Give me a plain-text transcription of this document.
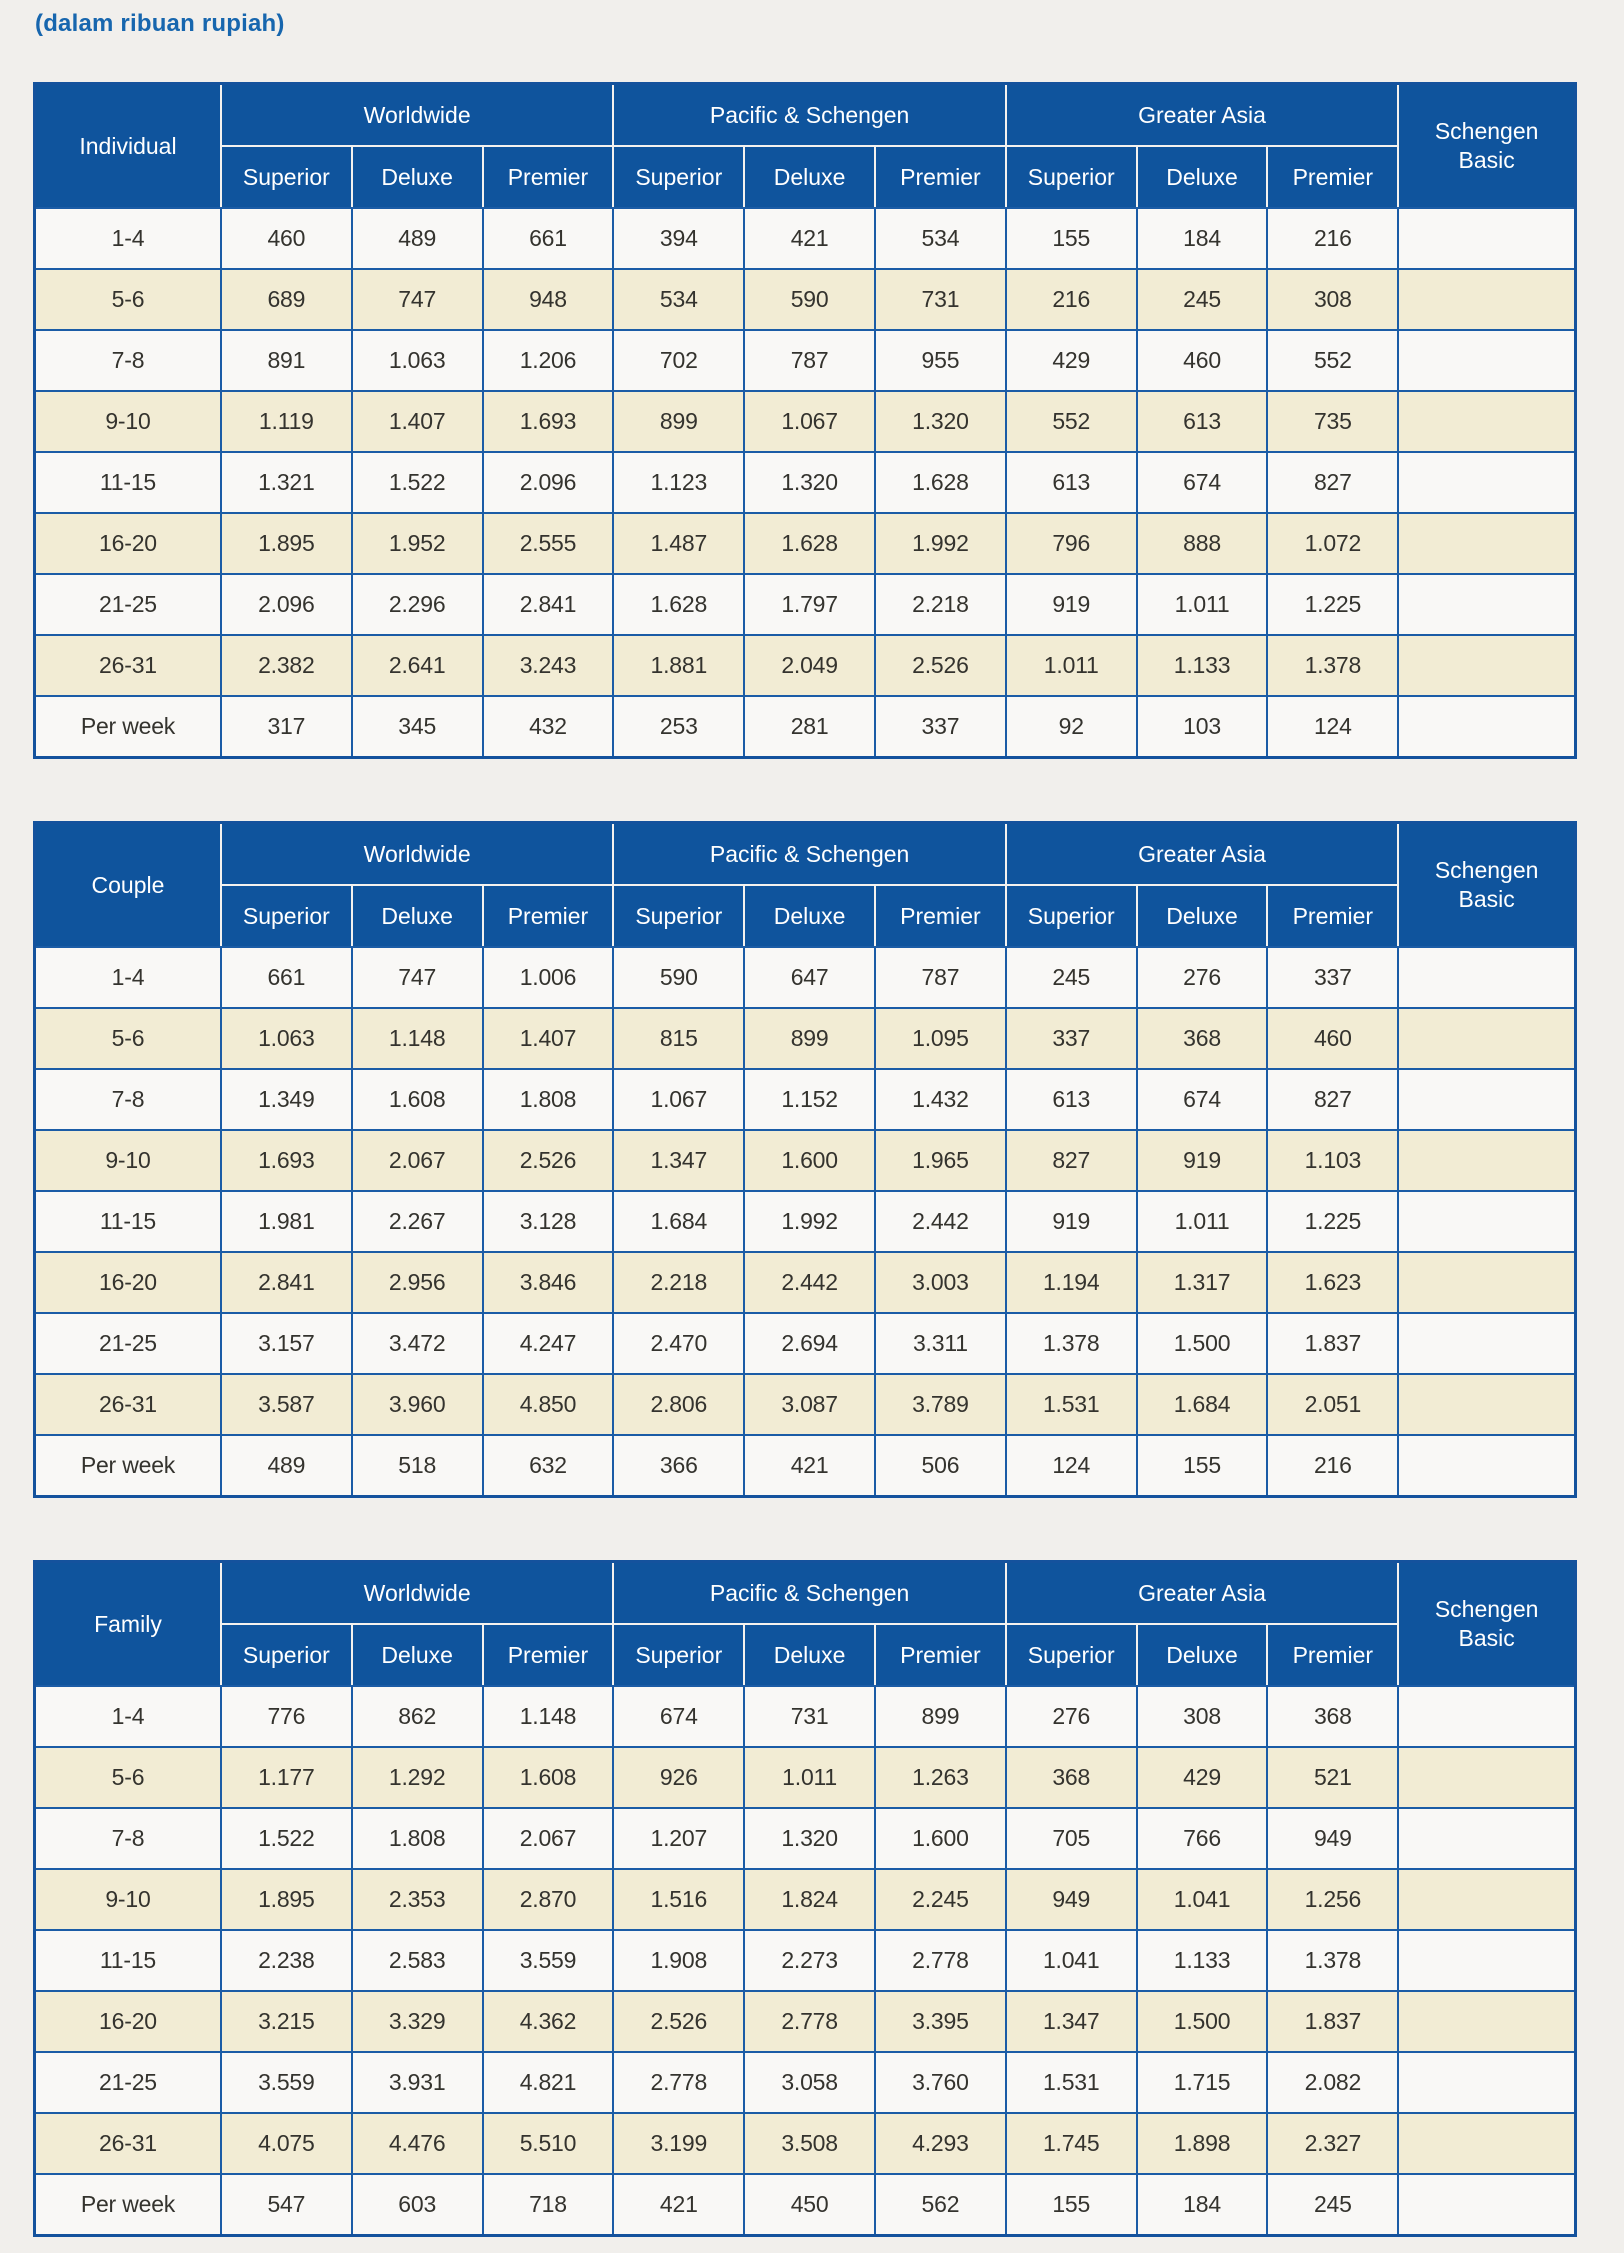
(dalam ribuan rupiah)
Individual	Worldwide			Pacific & Schengen			Greater Asia			Schengen Basic
	Superior	Deluxe	Premier	Superior	Deluxe	Premier	Superior	Deluxe	Premier	
1-4	460	489	661	394	421	534	155	184	216	
5-6	689	747	948	534	590	731	216	245	308	
7-8	891	1.063	1.206	702	787	955	429	460	552	
9-10	1.119	1.407	1.693	899	1.067	1.320	552	613	735	
11-15	1.321	1.522	2.096	1.123	1.320	1.628	613	674	827	
16-20	1.895	1.952	2.555	1.487	1.628	1.992	796	888	1.072	
21-25	2.096	2.296	2.841	1.628	1.797	2.218	919	1.011	1.225	
26-31	2.382	2.641	3.243	1.881	2.049	2.526	1.011	1.133	1.378	
Per week	317	345	432	253	281	337	92	103	124	
Couple	Worldwide			Pacific & Schengen			Greater Asia			Schengen Basic
	Superior	Deluxe	Premier	Superior	Deluxe	Premier	Superior	Deluxe	Premier	
1-4	661	747	1.006	590	647	787	245	276	337	
5-6	1.063	1.148	1.407	815	899	1.095	337	368	460	
7-8	1.349	1.608	1.808	1.067	1.152	1.432	613	674	827	
9-10	1.693	2.067	2.526	1.347	1.600	1.965	827	919	1.103	
11-15	1.981	2.267	3.128	1.684	1.992	2.442	919	1.011	1.225	
16-20	2.841	2.956	3.846	2.218	2.442	3.003	1.194	1.317	1.623	
21-25	3.157	3.472	4.247	2.470	2.694	3.311	1.378	1.500	1.837	
26-31	3.587	3.960	4.850	2.806	3.087	3.789	1.531	1.684	2.051	
Per week	489	518	632	366	421	506	124	155	216	
Family	Worldwide			Pacific & Schengen			Greater Asia			Schengen Basic
	Superior	Deluxe	Premier	Superior	Deluxe	Premier	Superior	Deluxe	Premier	
1-4	776	862	1.148	674	731	899	276	308	368	
5-6	1.177	1.292	1.608	926	1.011	1.263	368	429	521	
7-8	1.522	1.808	2.067	1.207	1.320	1.600	705	766	949	
9-10	1.895	2.353	2.870	1.516	1.824	2.245	949	1.041	1.256	
11-15	2.238	2.583	3.559	1.908	2.273	2.778	1.041	1.133	1.378	
16-20	3.215	3.329	4.362	2.526	2.778	3.395	1.347	1.500	1.837	
21-25	3.559	3.931	4.821	2.778	3.058	3.760	1.531	1.715	2.082	
26-31	4.075	4.476	5.510	3.199	3.508	4.293	1.745	1.898	2.327	
Per week	547	603	718	421	450	562	155	184	245	
